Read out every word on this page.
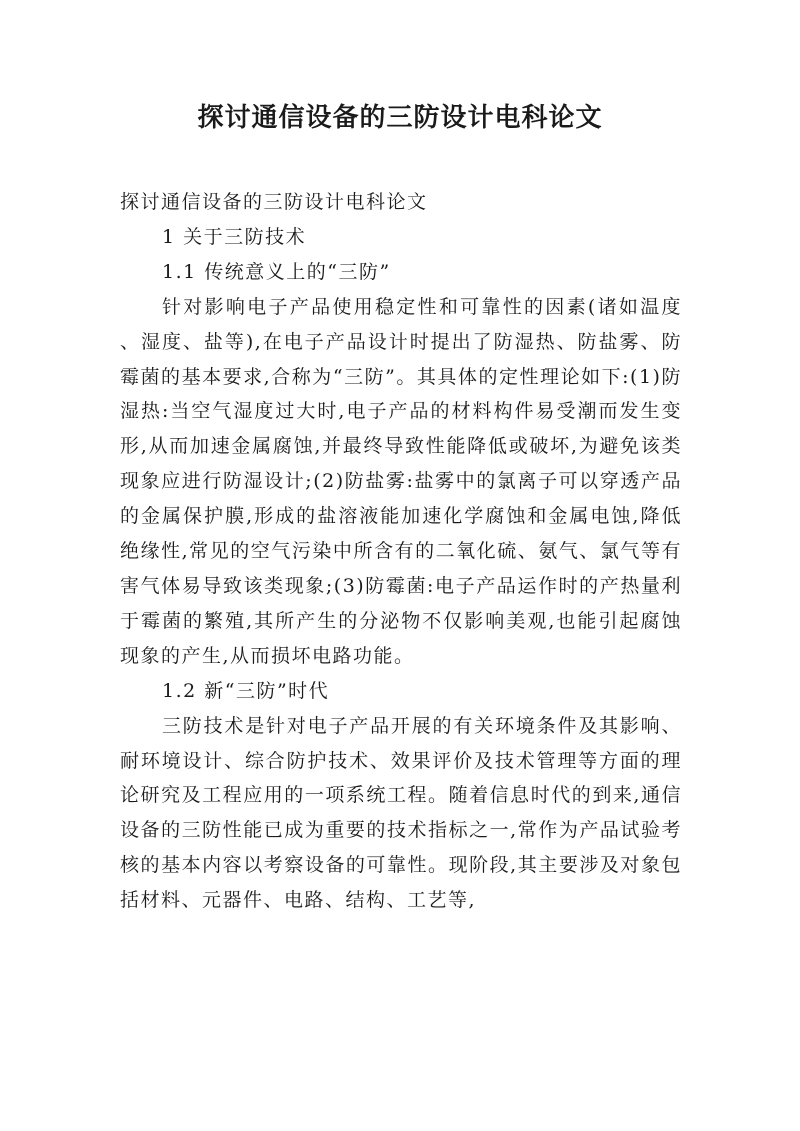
探讨通信设备的三防设计电科论文

探讨通信设备的三防设计电科论文

1 关于三防技术

1.1 传统意义上的“三防”

针对影响电子产品使用稳定性和可靠性的因素(诸如温度、湿度、盐等),在电子产品设计时提出了防湿热、防盐雾、防霉菌的基本要求,合称为“三防”。其具体的定性理论如下:(1)防湿热:当空气湿度过大时,电子产品的材料构件易受潮而发生变形,从而加速金属腐蚀,并最终导致性能降低或破坏,为避免该类现象应进行防湿设计;(2)防盐雾:盐雾中的氯离子可以穿透产品的金属保护膜,形成的盐溶液能加速化学腐蚀和金属电蚀,降低绝缘性,常见的空气污染中所含有的二氧化硫、氨气、氯气等有害气体易导致该类现象;(3)防霉菌:电子产品运作时的产热量利于霉菌的繁殖,其所产生的分泌物不仅影响美观,也能引起腐蚀现象的产生,从而损坏电路功能。

1.2 新“三防”时代

三防技术是针对电子产品开展的有关环境条件及其影响、耐环境设计、综合防护技术、效果评价及技术管理等方面的理论研究及工程应用的一项系统工程。随着信息时代的到来,通信设备的三防性能已成为重要的技术指标之一,常作为产品试验考核的基本内容以考察设备的可靠性。现阶段,其主要涉及对象包括材料、元器件、电路、结构、工艺等,
